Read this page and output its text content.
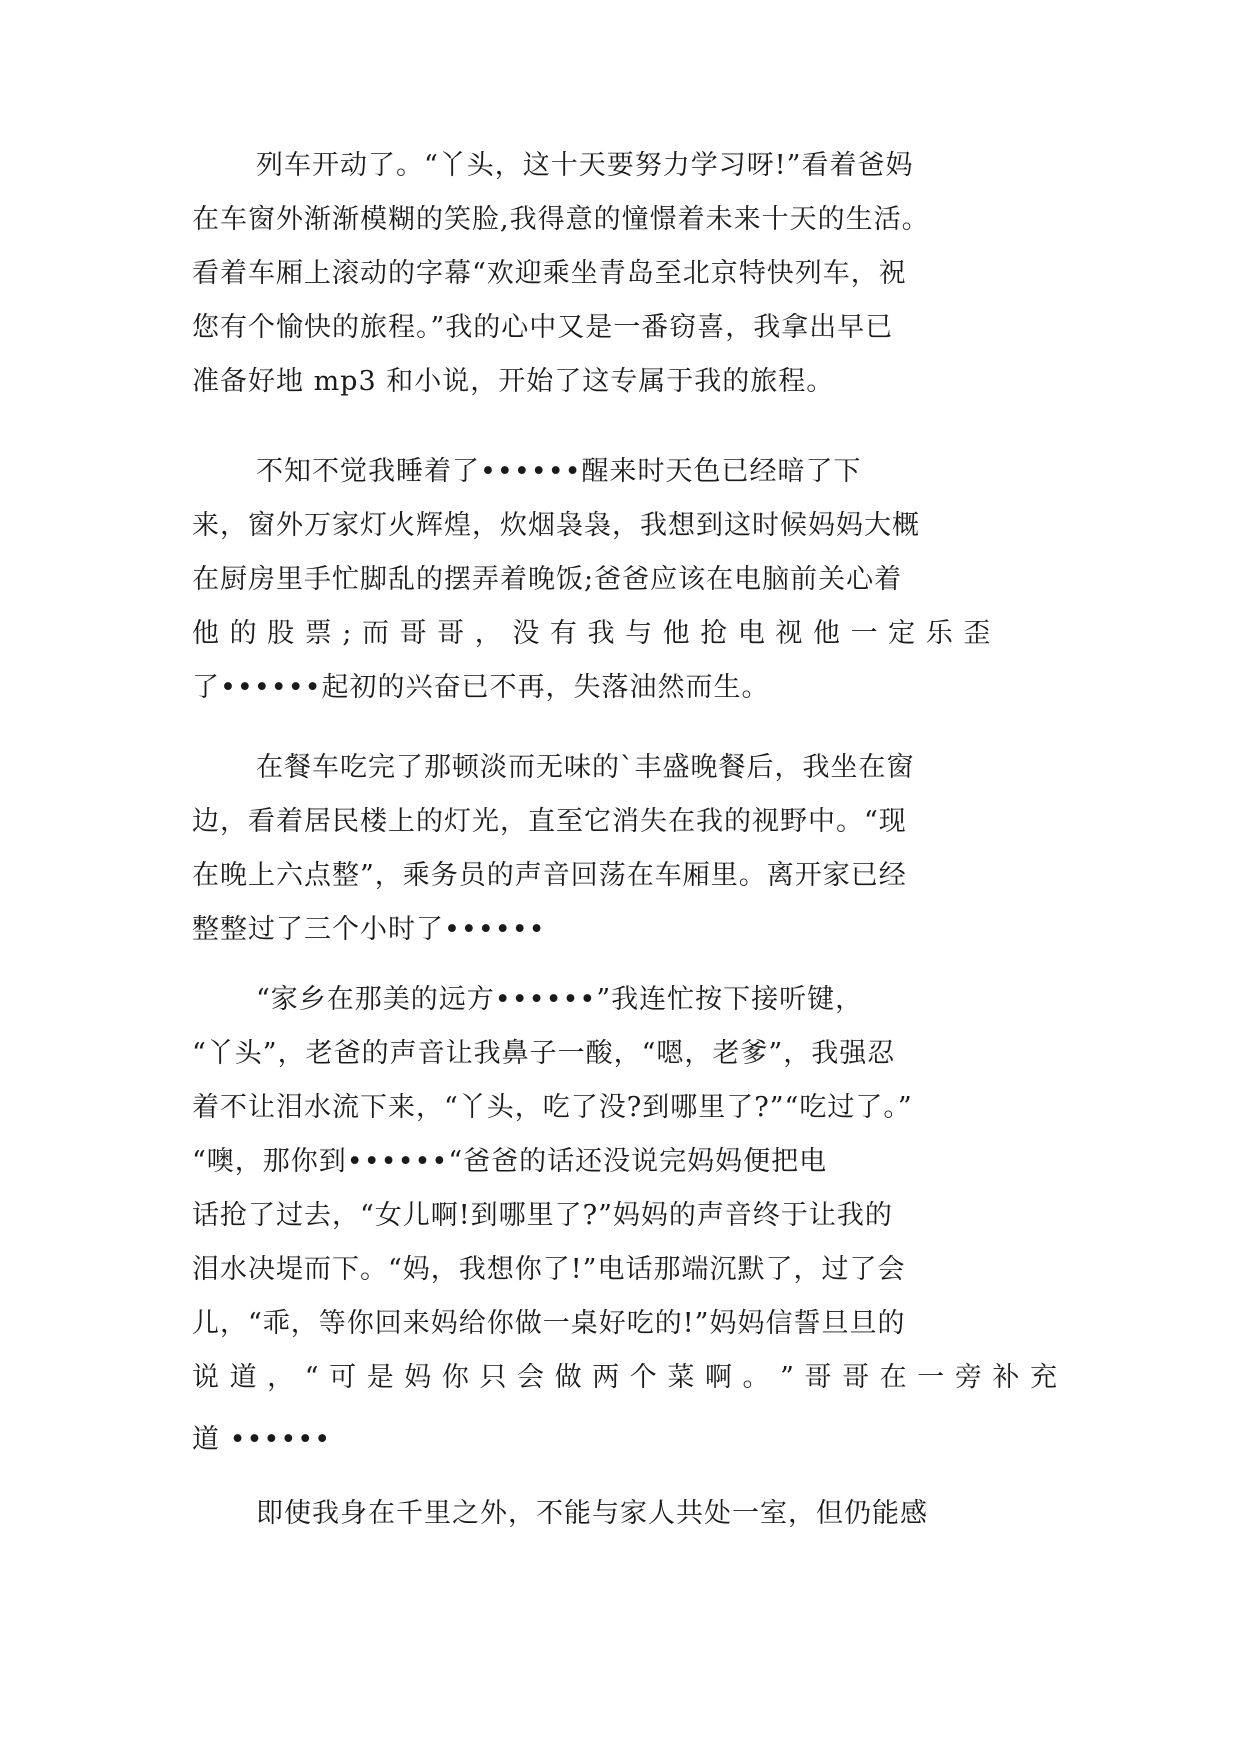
列车开动了。“丫头，这十天要努力学习呀!”看着爸妈
在车窗外渐渐模糊的笑脸,我得意的憧憬着未来十天的生活。
看着车厢上滚动的字幕“欢迎乘坐青岛至北京特快列车，祝
您有个愉快的旅程。”我的心中又是一番窃喜，我拿出早已
准备好地 mp3 和小说，开始了这专属于我的旅程。
不知不觉我睡着了••••••醒来时天色已经暗了下
来，窗外万家灯火辉煌，炊烟袅袅，我想到这时候妈妈大概
在厨房里手忙脚乱的摆弄着晚饭;爸爸应该在电脑前关心着
他 的 股 票 ; 而 哥 哥 ， 没 有 我 与 他 抢 电 视 他 一 定 乐 歪
了••••••起初的兴奋已不再，失落油然而生。
在餐车吃完了那顿淡而无味的`丰盛晚餐后，我坐在窗
边，看着居民楼上的灯光，直至它消失在我的视野中。“现
在晚上六点整”，乘务员的声音回荡在车厢里。离开家已经
整整过了三个小时了••••••
“家乡在那美的远方••••••”我连忙按下接听键，
“丫头”，老爸的声音让我鼻子一酸，“嗯，老爹”，我强忍
着不让泪水流下来，“丫头，吃了没?到哪里了?”“吃过了。”
“噢，那你到••••••“爸爸的话还没说完妈妈便把电
话抢了过去，“女儿啊!到哪里了?”妈妈的声音终于让我的
泪水决堤而下。“妈，我想你了!”电话那端沉默了，过了会
儿，“乖，等你回来妈给你做一桌好吃的!”妈妈信誓旦旦的
说 道 ， “ 可 是 妈 你 只 会 做 两 个 菜 啊 。 ” 哥 哥 在 一 旁 补 充
道 ••••••
即使我身在千里之外，不能与家人共处一室，但仍能感
